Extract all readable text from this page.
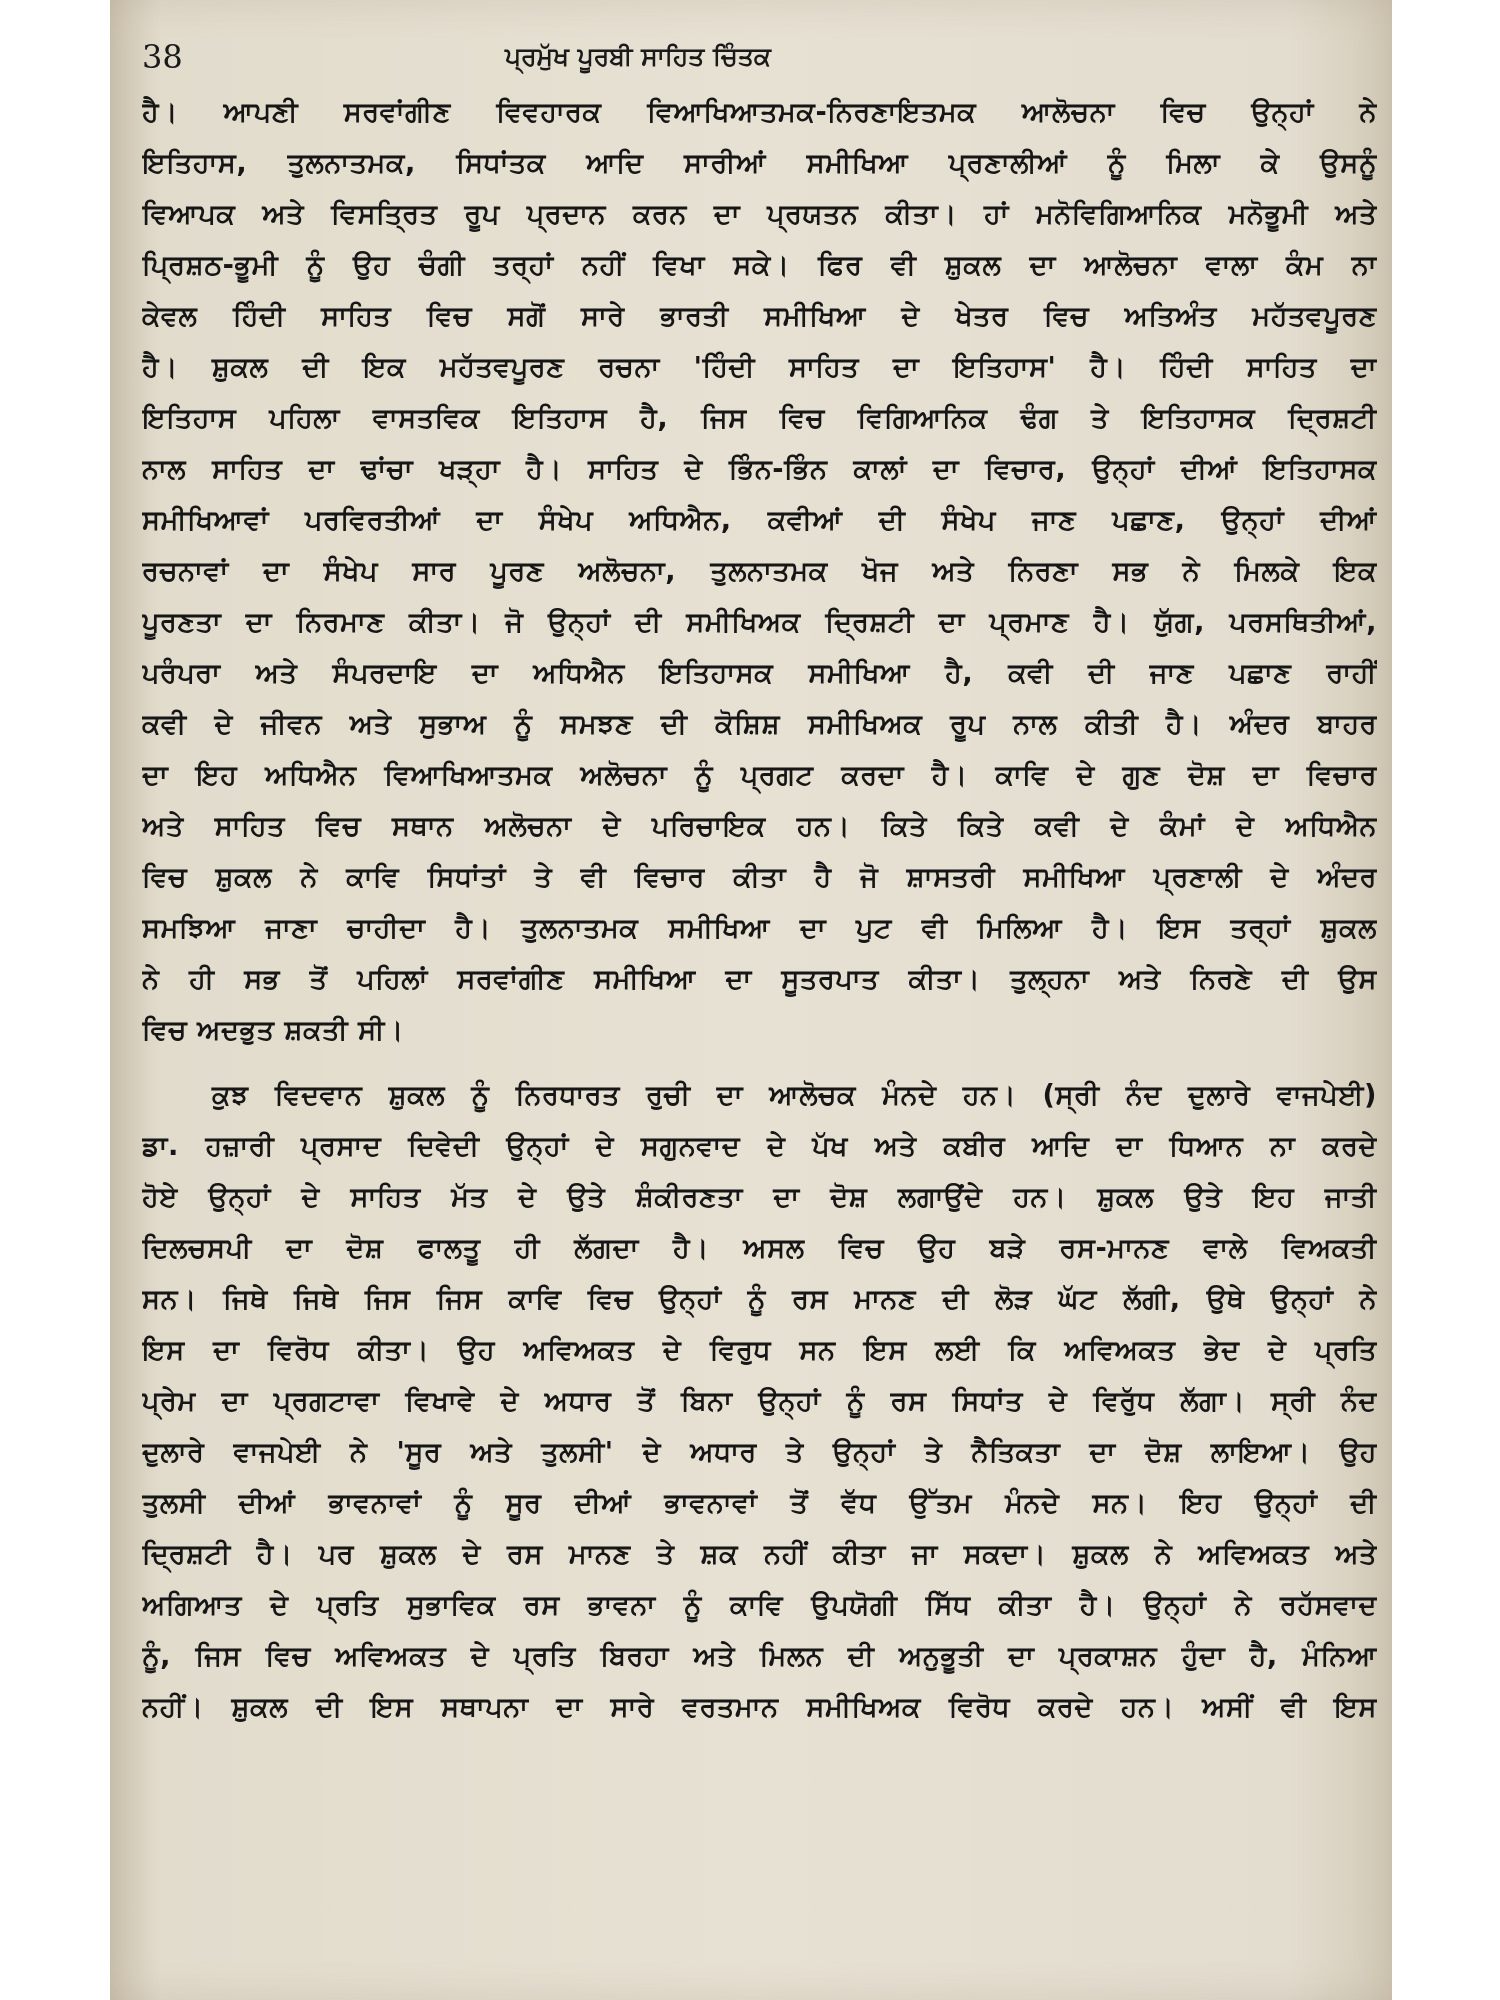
38	ਪ੍ਰਮੁੱਖ ਪੂਰਬੀ ਸਾਹਿਤ ਚਿੰਤਕ

ਹੈ। ਆਪਣੀ ਸਰਵਾਂਗੀਣ ਵਿਵਹਾਰਕ ਵਿਆਖਿਆਤਮਕ-ਨਿਰਣਾਇਤਮਕ ਆਲੋਚਨਾ ਵਿਚ ਉਨ੍ਹਾਂ ਨੇ
ਇਤਿਹਾਸ, ਤੁਲਨਾਤਮਕ, ਸਿਧਾਂਤਕ ਆਦਿ ਸਾਰੀਆਂ ਸਮੀਖਿਆ ਪ੍ਰਣਾਲੀਆਂ ਨੂੰ ਮਿਲਾ ਕੇ ਉਸਨੂੰ
ਵਿਆਪਕ ਅਤੇ ਵਿਸਤ੍ਰਿਤ ਰੂਪ ਪ੍ਰਦਾਨ ਕਰਨ ਦਾ ਪ੍ਰਯਤਨ ਕੀਤਾ। ਹਾਂ ਮਨੋਵਿਗਿਆਨਿਕ ਮਨੋਭੂਮੀ ਅਤੇ
ਪ੍ਰਿਸ਼ਠ-ਭੂਮੀ ਨੂੰ ਉਹ ਚੰਗੀ ਤਰ੍ਹਾਂ ਨਹੀਂ ਵਿਖਾ ਸਕੇ। ਫਿਰ ਵੀ ਸ਼ੁਕਲ ਦਾ ਆਲੋਚਨਾ ਵਾਲਾ ਕੰਮ ਨਾ
ਕੇਵਲ ਹਿੰਦੀ ਸਾਹਿਤ ਵਿਚ ਸਗੋਂ ਸਾਰੇ ਭਾਰਤੀ ਸਮੀਖਿਆ ਦੇ ਖੇਤਰ ਵਿਚ ਅਤਿਅੰਤ ਮਹੱਤਵਪੂਰਣ
ਹੈ। ਸ਼ੁਕਲ ਦੀ ਇਕ ਮਹੱਤਵਪੂਰਣ ਰਚਨਾ 'ਹਿੰਦੀ ਸਾਹਿਤ ਦਾ ਇਤਿਹਾਸ' ਹੈ। ਹਿੰਦੀ ਸਾਹਿਤ ਦਾ
ਇਤਿਹਾਸ ਪਹਿਲਾ ਵਾਸਤਵਿਕ ਇਤਿਹਾਸ ਹੈ, ਜਿਸ ਵਿਚ ਵਿਗਿਆਨਿਕ ਢੰਗ ਤੇ ਇਤਿਹਾਸਕ ਦ੍ਰਿਸ਼ਟੀ
ਨਾਲ ਸਾਹਿਤ ਦਾ ਢਾਂਚਾ ਖੜ੍ਹਾ ਹੈ। ਸਾਹਿਤ ਦੇ ਭਿੰਨ-ਭਿੰਨ ਕਾਲਾਂ ਦਾ ਵਿਚਾਰ, ਉਨ੍ਹਾਂ ਦੀਆਂ ਇਤਿਹਾਸਕ
ਸਮੀਖਿਆਵਾਂ ਪਰਵਿਰਤੀਆਂ ਦਾ ਸੰਖੇਪ ਅਧਿਐਨ, ਕਵੀਆਂ ਦੀ ਸੰਖੇਪ ਜਾਣ ਪਛਾਣ, ਉਨ੍ਹਾਂ ਦੀਆਂ
ਰਚਨਾਵਾਂ ਦਾ ਸੰਖੇਪ ਸਾਰ ਪੂਰਣ ਅਲੋਚਨਾ, ਤੁਲਨਾਤਮਕ ਖੋਜ ਅਤੇ ਨਿਰਣਾ ਸਭ ਨੇ ਮਿਲਕੇ ਇਕ
ਪੂਰਣਤਾ ਦਾ ਨਿਰਮਾਣ ਕੀਤਾ। ਜੋ ਉਨ੍ਹਾਂ ਦੀ ਸਮੀਖਿਅਕ ਦ੍ਰਿਸ਼ਟੀ ਦਾ ਪ੍ਰਮਾਣ ਹੈ। ਯੁੱਗ, ਪਰਸਥਿਤੀਆਂ,
ਪਰੰਪਰਾ ਅਤੇ ਸੰਪਰਦਾਇ ਦਾ ਅਧਿਐਨ ਇਤਿਹਾਸਕ ਸਮੀਖਿਆ ਹੈ, ਕਵੀ ਦੀ ਜਾਣ ਪਛਾਣ ਰਾਹੀਂ
ਕਵੀ ਦੇ ਜੀਵਨ ਅਤੇ ਸੁਭਾਅ ਨੂੰ ਸਮਝਣ ਦੀ ਕੋਸ਼ਿਸ਼ ਸਮੀਖਿਅਕ ਰੂਪ ਨਾਲ ਕੀਤੀ ਹੈ। ਅੰਦਰ ਬਾਹਰ
ਦਾ ਇਹ ਅਧਿਐਨ ਵਿਆਖਿਆਤਮਕ ਅਲੋਚਨਾ ਨੂੰ ਪ੍ਰਗਟ ਕਰਦਾ ਹੈ। ਕਾਵਿ ਦੇ ਗੁਣ ਦੋਸ਼ ਦਾ ਵਿਚਾਰ
ਅਤੇ ਸਾਹਿਤ ਵਿਚ ਸਥਾਨ ਅਲੋਚਨਾ ਦੇ ਪਰਿਚਾਇਕ ਹਨ। ਕਿਤੇ ਕਿਤੇ ਕਵੀ ਦੇ ਕੰਮਾਂ ਦੇ ਅਧਿਐਨ
ਵਿਚ ਸ਼ੁਕਲ ਨੇ ਕਾਵਿ ਸਿਧਾਂਤਾਂ ਤੇ ਵੀ ਵਿਚਾਰ ਕੀਤਾ ਹੈ ਜੋ ਸ਼ਾਸਤਰੀ ਸਮੀਖਿਆ ਪ੍ਰਣਾਲੀ ਦੇ ਅੰਦਰ
ਸਮਝਿਆ ਜਾਣਾ ਚਾਹੀਦਾ ਹੈ। ਤੁਲਨਾਤਮਕ ਸਮੀਖਿਆ ਦਾ ਪੁਟ ਵੀ ਮਿਲਿਆ ਹੈ। ਇਸ ਤਰ੍ਹਾਂ ਸ਼ੁਕਲ
ਨੇ ਹੀ ਸਭ ਤੋਂ ਪਹਿਲਾਂ ਸਰਵਾਂਗੀਣ ਸਮੀਖਿਆ ਦਾ ਸੂਤਰਪਾਤ ਕੀਤਾ। ਤੁਲ੍ਹਨਾ ਅਤੇ ਨਿਰਣੇ ਦੀ ਉਸ
ਵਿਚ ਅਦਭੁਤ ਸ਼ਕਤੀ ਸੀ।

ਕੁਝ ਵਿਦਵਾਨ ਸ਼ੁਕਲ ਨੂੰ ਨਿਰਧਾਰਤ ਰੁਚੀ ਦਾ ਆਲੋਚਕ ਮੰਨਦੇ ਹਨ। (ਸ੍ਰੀ ਨੰਦ ਦੁਲਾਰੇ ਵਾਜਪੇਈ)
ਡਾ. ਹਜ਼ਾਰੀ ਪ੍ਰਸਾਦ ਦਿਵੇਦੀ ਉਨ੍ਹਾਂ ਦੇ ਸਗੁਨਵਾਦ ਦੇ ਪੱਖ ਅਤੇ ਕਬੀਰ ਆਦਿ ਦਾ ਧਿਆਨ ਨਾ ਕਰਦੇ
ਹੋਏ ਉਨ੍ਹਾਂ ਦੇ ਸਾਹਿਤ ਮੱਤ ਦੇ ਉਤੇ ਸ਼ੰਕੀਰਣਤਾ ਦਾ ਦੋਸ਼ ਲਗਾਉਂਦੇ ਹਨ। ਸ਼ੁਕਲ ਉਤੇ ਇਹ ਜਾਤੀ
ਦਿਲਚਸਪੀ ਦਾ ਦੋਸ਼ ਫਾਲਤੂ ਹੀ ਲੱਗਦਾ ਹੈ। ਅਸਲ ਵਿਚ ਉਹ ਬੜੇ ਰਸ-ਮਾਨਣ ਵਾਲੇ ਵਿਅਕਤੀ
ਸਨ। ਜਿਥੇ ਜਿਥੇ ਜਿਸ ਜਿਸ ਕਾਵਿ ਵਿਚ ਉਨ੍ਹਾਂ ਨੂੰ ਰਸ ਮਾਨਣ ਦੀ ਲੋੜ ਘੱਟ ਲੱਗੀ, ਉਥੇ ਉਨ੍ਹਾਂ ਨੇ
ਇਸ ਦਾ ਵਿਰੋਧ ਕੀਤਾ। ਉਹ ਅਵਿਅਕਤ ਦੇ ਵਿਰੁਧ ਸਨ ਇਸ ਲਈ ਕਿ ਅਵਿਅਕਤ ਭੇਦ ਦੇ ਪ੍ਰਤਿ
ਪ੍ਰੇਮ ਦਾ ਪ੍ਰਗਟਾਵਾ ਵਿਖਾਵੇ ਦੇ ਅਧਾਰ ਤੋਂ ਬਿਨਾ ਉਨ੍ਹਾਂ ਨੂੰ ਰਸ ਸਿਧਾਂਤ ਦੇ ਵਿਰੁੱਧ ਲੱਗਾ। ਸ੍ਰੀ ਨੰਦ
ਦੁਲਾਰੇ ਵਾਜਪੇਈ ਨੇ 'ਸੂਰ ਅਤੇ ਤੁਲਸੀ' ਦੇ ਅਧਾਰ ਤੇ ਉਨ੍ਹਾਂ ਤੇ ਨੈਤਿਕਤਾ ਦਾ ਦੋਸ਼ ਲਾਇਆ। ਉਹ
ਤੁਲਸੀ ਦੀਆਂ ਭਾਵਨਾਵਾਂ ਨੂੰ ਸੂਰ ਦੀਆਂ ਭਾਵਨਾਵਾਂ ਤੋਂ ਵੱਧ ਉੱਤਮ ਮੰਨਦੇ ਸਨ। ਇਹ ਉਨ੍ਹਾਂ ਦੀ
ਦ੍ਰਿਸ਼ਟੀ ਹੈ। ਪਰ ਸ਼ੁਕਲ ਦੇ ਰਸ ਮਾਨਣ ਤੇ ਸ਼ਕ ਨਹੀਂ ਕੀਤਾ ਜਾ ਸਕਦਾ। ਸ਼ੁਕਲ ਨੇ ਅਵਿਅਕਤ ਅਤੇ
ਅਗਿਆਤ ਦੇ ਪ੍ਰਤਿ ਸੁਭਾਵਿਕ ਰਸ ਭਾਵਨਾ ਨੂੰ ਕਾਵਿ ਉਪਯੋਗੀ ਸਿੱਧ ਕੀਤਾ ਹੈ। ਉਨ੍ਹਾਂ ਨੇ ਰਹੱਸਵਾਦ
ਨੂੰ, ਜਿਸ ਵਿਚ ਅਵਿਅਕਤ ਦੇ ਪ੍ਰਤਿ ਬਿਰਹਾ ਅਤੇ ਮਿਲਨ ਦੀ ਅਨੁਭੂਤੀ ਦਾ ਪ੍ਰਕਾਸ਼ਨ ਹੁੰਦਾ ਹੈ, ਮੰਨਿਆ
ਨਹੀਂ। ਸ਼ੁਕਲ ਦੀ ਇਸ ਸਥਾਪਨਾ ਦਾ ਸਾਰੇ ਵਰਤਮਾਨ ਸਮੀਖਿਅਕ ਵਿਰੋਧ ਕਰਦੇ ਹਨ। ਅਸੀਂ ਵੀ ਇਸ
